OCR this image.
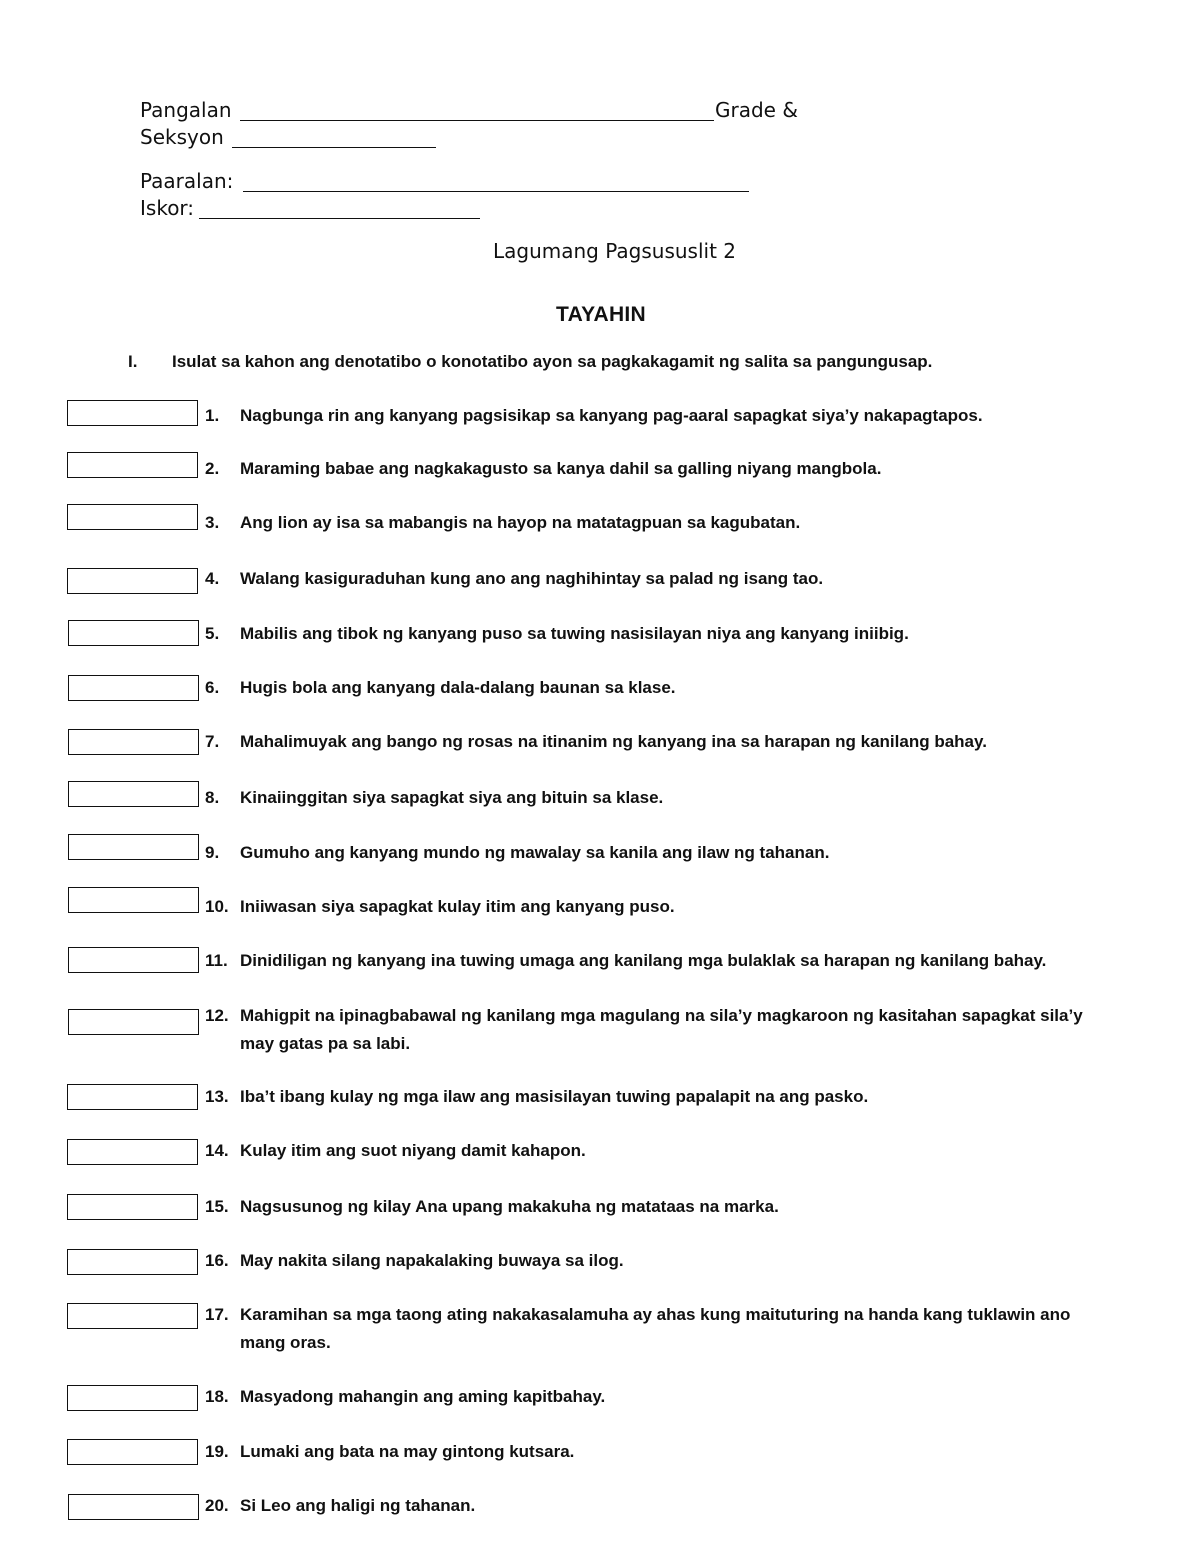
Pangalan	Grade &
Seksyon
Paaralan:
Iskor:
Lagumang Pagsususlit 2
TAYAHIN
I. Isulat sa kahon ang denotatibo o konotatibo ayon sa pagkakagamit ng salita sa pangungusap.
1. Nagbunga rin ang kanyang pagsisikap sa kanyang pag-aaral sapagkat siya’y nakapagtapos.
2. Maraming babae ang nagkakagusto sa kanya dahil sa galling niyang mangbola.
3. Ang lion ay isa sa mabangis na hayop na matatagpuan sa kagubatan.
4. Walang kasiguraduhan kung ano ang naghihintay sa palad ng isang tao.
5. Mabilis ang tibok ng kanyang puso sa tuwing nasisilayan niya ang kanyang iniibig.
6. Hugis bola ang kanyang dala-dalang baunan sa klase.
7. Mahalimuyak ang bango ng rosas na itinanim ng kanyang ina sa harapan ng kanilang bahay.
8. Kinaiinggitan siya sapagkat siya ang bituin sa klase.
9. Gumuho ang kanyang mundo ng mawalay sa kanila ang ilaw ng tahanan.
10. Iniiwasan siya sapagkat kulay itim ang kanyang puso.
11. Dinidiligan ng kanyang ina tuwing umaga ang kanilang mga bulaklak sa harapan ng kanilang bahay.
12. Mahigpit na ipinagbabawal ng kanilang mga magulang na sila’y magkaroon ng kasitahan sapagkat sila’y may gatas pa sa labi.
13. Iba’t ibang kulay ng mga ilaw ang masisilayan tuwing papalapit na ang pasko.
14. Kulay itim ang suot niyang damit kahapon.
15. Nagsusunog ng kilay Ana upang makakuha ng matataas na marka.
16. May nakita silang napakalaking buwaya sa ilog.
17. Karamihan sa mga taong ating nakakasalamuha ay ahas kung maituturing na handa kang tuklawin ano mang oras.
18. Masyadong mahangin ang aming kapitbahay.
19. Lumaki ang bata na may gintong kutsara.
20. Si Leo ang haligi ng tahanan.
